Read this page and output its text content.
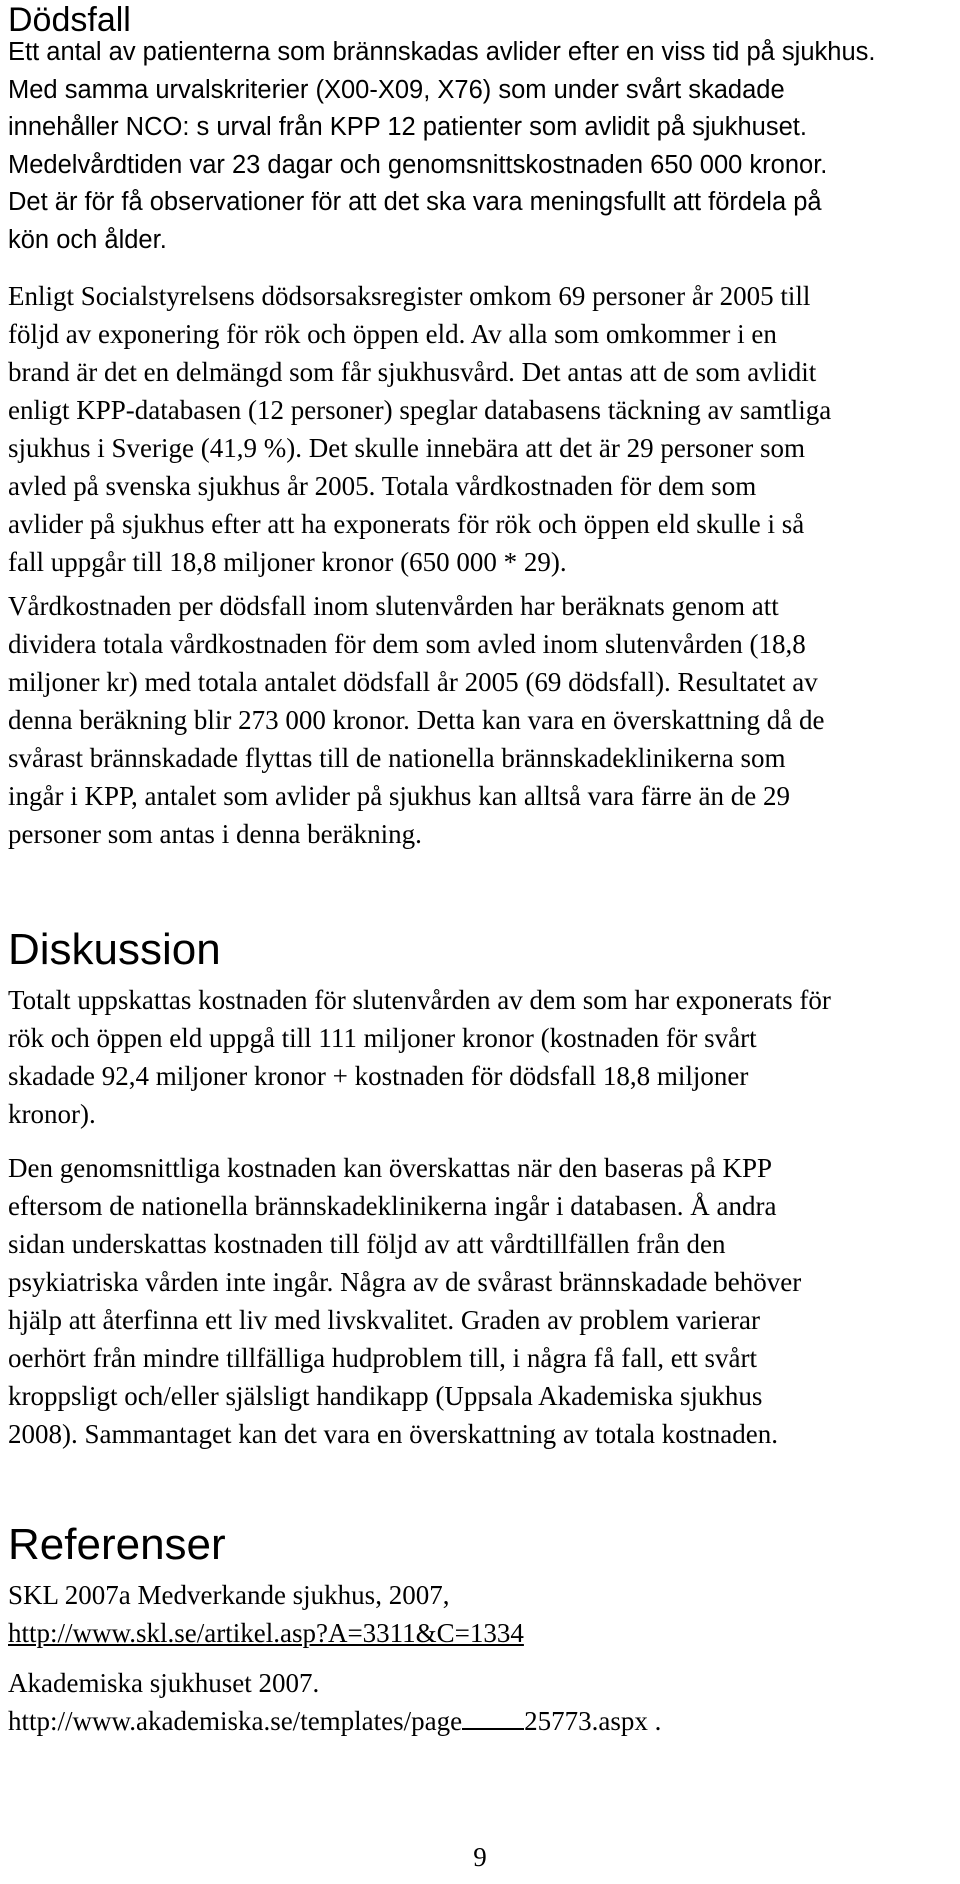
Dödsfall
Ett antal av patienterna som brännskadas avlider efter en viss tid på sjukhus.
Med samma urvalskriterier (X00-X09, X76) som under svårt skadade
innehåller NCO: s urval från KPP 12 patienter som avlidit på sjukhuset.
Medelvårdtiden var 23 dagar och genomsnittskostnaden 650 000 kronor.
Det är för få observationer för att det ska vara meningsfullt att fördela på
kön och ålder.
Enligt Socialstyrelsens dödsorsaksregister omkom 69 personer år 2005 till
följd av exponering för rök och öppen eld. Av alla som omkommer i en
brand är det en delmängd som får sjukhusvård. Det antas att de som avlidit
enligt KPP-databasen (12 personer) speglar databasens täckning av samtliga
sjukhus i Sverige (41,9 %). Det skulle innebära att det är 29 personer som
avled på svenska sjukhus år 2005. Totala vårdkostnaden för dem som
avlider på sjukhus efter att ha exponerats för rök och öppen eld skulle i så
fall uppgår till 18,8 miljoner kronor (650 000 * 29).
Vårdkostnaden per dödsfall inom slutenvården har beräknats genom att
dividera totala vårdkostnaden för dem som avled inom slutenvården (18,8
miljoner kr) med totala antalet dödsfall år 2005 (69 dödsfall). Resultatet av
denna beräkning blir 273 000 kronor. Detta kan vara en överskattning då de
svårast brännskadade flyttas till de nationella brännskadeklinikerna som
ingår i KPP, antalet som avlider på sjukhus kan alltså vara färre än de 29
personer som antas i denna beräkning.
Diskussion
Totalt uppskattas kostnaden för slutenvården av dem som har exponerats för
rök och öppen eld uppgå till 111 miljoner kronor (kostnaden för svårt
skadade 92,4 miljoner kronor + kostnaden för dödsfall 18,8 miljoner
kronor).
Den genomsnittliga kostnaden kan överskattas när den baseras på KPP
eftersom de nationella brännskadeklinikerna ingår i databasen. Å andra
sidan underskattas kostnaden till följd av att vårdtillfällen från den
psykiatriska vården inte ingår. Några av de svårast brännskadade behöver
hjälp att återfinna ett liv med livskvalitet. Graden av problem varierar
oerhört från mindre tillfälliga hudproblem till, i några få fall, ett svårt
kroppsligt och/eller själsligt handikapp (Uppsala Akademiska sjukhus
2008). Sammantaget kan det vara en överskattning av totala kostnaden.
Referenser
SKL 2007a Medverkande sjukhus, 2007,
http://www.skl.se/artikel.asp?A=3311&C=1334
Akademiska sjukhuset 2007.
http://www.akademiska.se/templates/page 25773.aspx .
9
